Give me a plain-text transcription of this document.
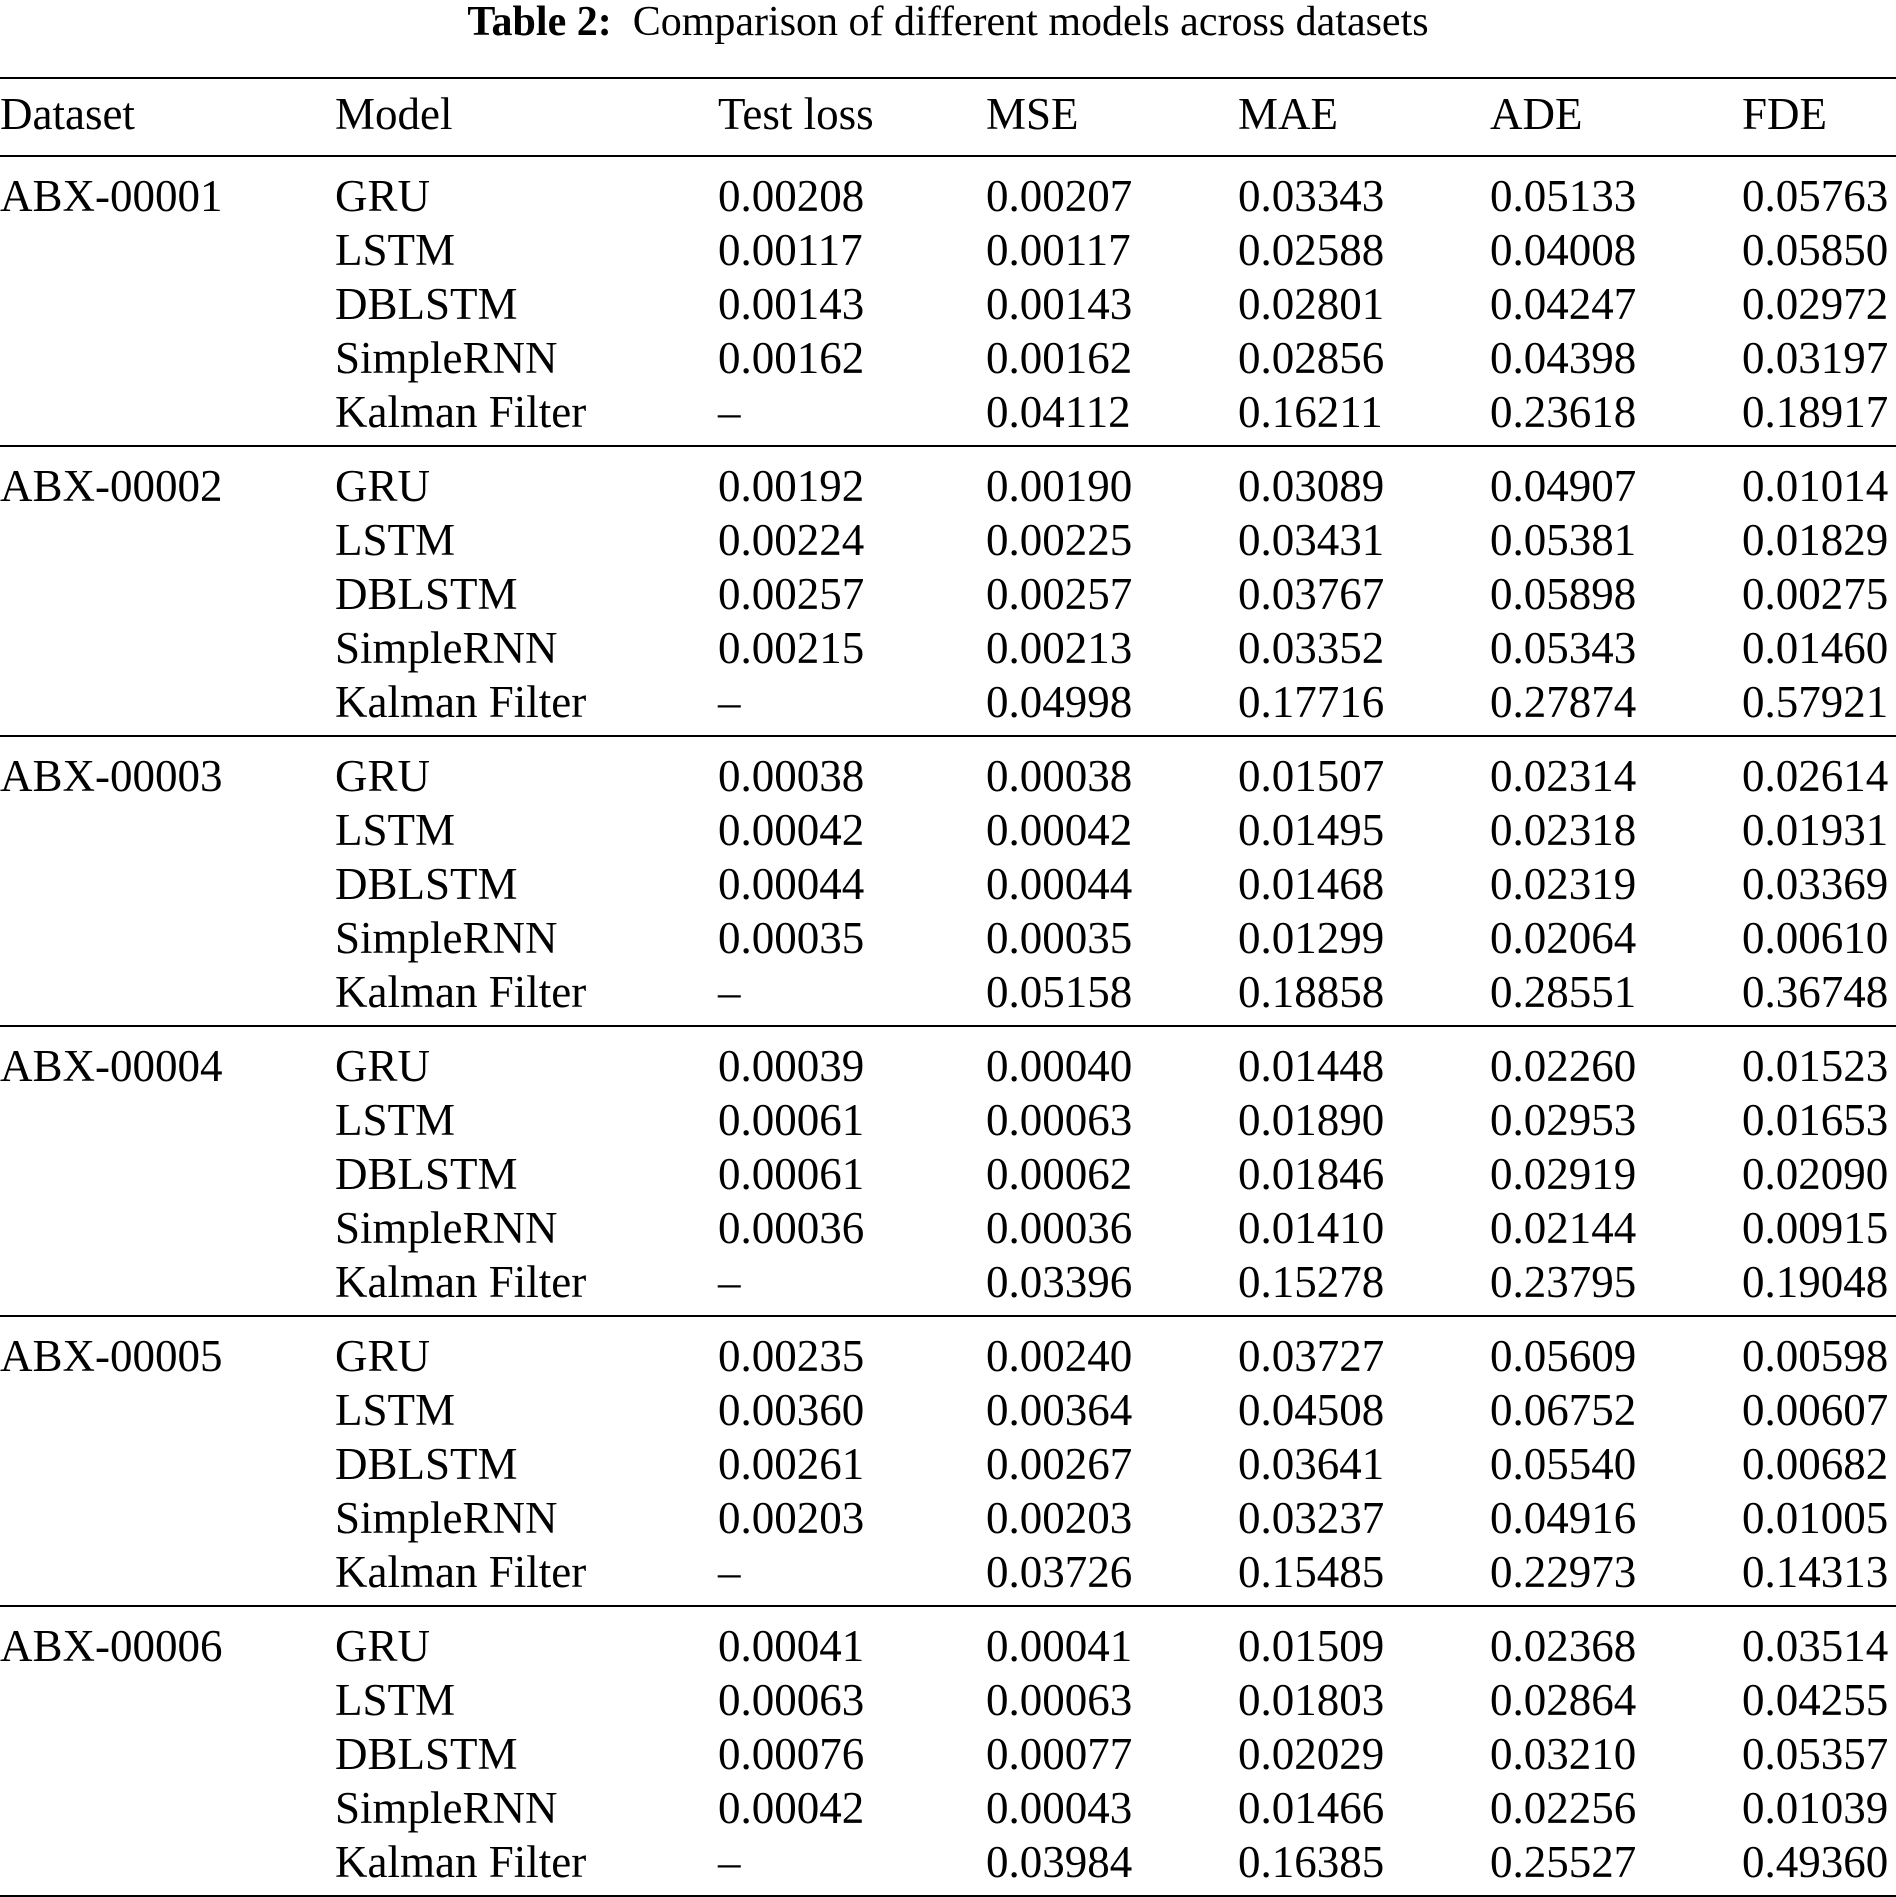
Table 2: Comparison of different models across datasets
Dataset	Model	Test loss	MSE	MAE	ADE	FDE
ABX-00001	GRU	0.00208	0.00207	0.03343	0.05133	0.05763
	LSTM	0.00117	0.00117	0.02588	0.04008	0.05850
	DBLSTM	0.00143	0.00143	0.02801	0.04247	0.02972
	SimpleRNN	0.00162	0.00162	0.02856	0.04398	0.03197
	Kalman Filter	–	0.04112	0.16211	0.23618	0.18917
ABX-00002	GRU	0.00192	0.00190	0.03089	0.04907	0.01014
	LSTM	0.00224	0.00225	0.03431	0.05381	0.01829
	DBLSTM	0.00257	0.00257	0.03767	0.05898	0.00275
	SimpleRNN	0.00215	0.00213	0.03352	0.05343	0.01460
	Kalman Filter	–	0.04998	0.17716	0.27874	0.57921
ABX-00003	GRU	0.00038	0.00038	0.01507	0.02314	0.02614
	LSTM	0.00042	0.00042	0.01495	0.02318	0.01931
	DBLSTM	0.00044	0.00044	0.01468	0.02319	0.03369
	SimpleRNN	0.00035	0.00035	0.01299	0.02064	0.00610
	Kalman Filter	–	0.05158	0.18858	0.28551	0.36748
ABX-00004	GRU	0.00039	0.00040	0.01448	0.02260	0.01523
	LSTM	0.00061	0.00063	0.01890	0.02953	0.01653
	DBLSTM	0.00061	0.00062	0.01846	0.02919	0.02090
	SimpleRNN	0.00036	0.00036	0.01410	0.02144	0.00915
	Kalman Filter	–	0.03396	0.15278	0.23795	0.19048
ABX-00005	GRU	0.00235	0.00240	0.03727	0.05609	0.00598
	LSTM	0.00360	0.00364	0.04508	0.06752	0.00607
	DBLSTM	0.00261	0.00267	0.03641	0.05540	0.00682
	SimpleRNN	0.00203	0.00203	0.03237	0.04916	0.01005
	Kalman Filter	–	0.03726	0.15485	0.22973	0.14313
ABX-00006	GRU	0.00041	0.00041	0.01509	0.02368	0.03514
	LSTM	0.00063	0.00063	0.01803	0.02864	0.04255
	DBLSTM	0.00076	0.00077	0.02029	0.03210	0.05357
	SimpleRNN	0.00042	0.00043	0.01466	0.02256	0.01039
	Kalman Filter	–	0.03984	0.16385	0.25527	0.49360
